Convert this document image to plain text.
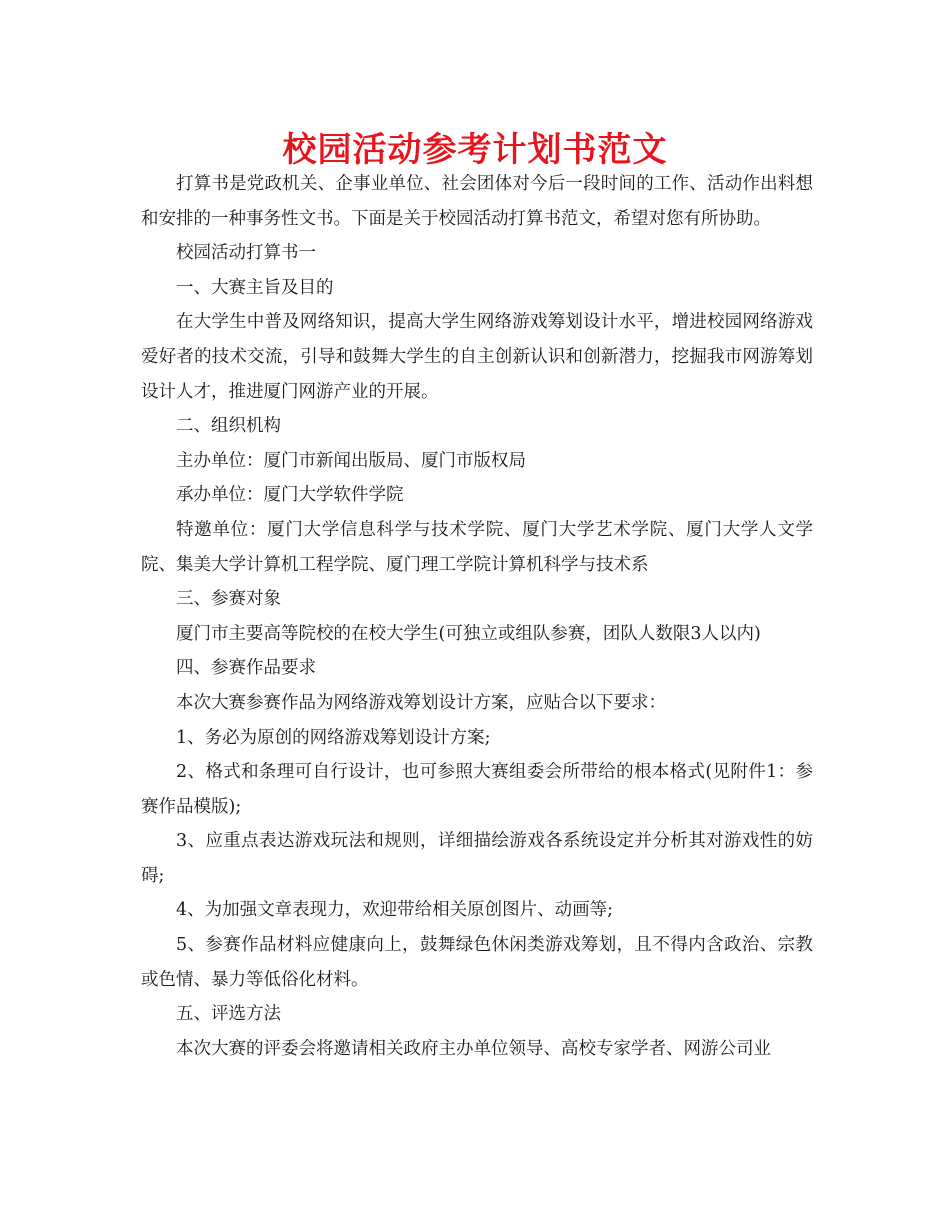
校园活动参考计划书范文

打算书是党政机关、企事业单位、社会团体对今后一段时间的工作、活动作出料想和安排的一种事务性文书。下面是关于校园活动打算书范文，希望对您有所协助。

校园活动打算书一

一、大赛主旨及目的

在大学生中普及网络知识，提高大学生网络游戏筹划设计水平，增进校园网络游戏爱好者的技术交流，引导和鼓舞大学生的自主创新认识和创新潜力，挖掘我市网游筹划设计人才，推进厦门网游产业的开展。

二、组织机构

主办单位：厦门市新闻出版局、厦门市版权局

承办单位：厦门大学软件学院

特邀单位：厦门大学信息科学与技术学院、厦门大学艺术学院、厦门大学人文学院、集美大学计算机工程学院、厦门理工学院计算机科学与技术系

三、参赛对象

厦门市主要高等院校的在校大学生(可独立或组队参赛，团队人数限3人以内)

四、参赛作品要求

本次大赛参赛作品为网络游戏筹划设计方案，应贴合以下要求：

1、务必为原创的网络游戏筹划设计方案;

2、格式和条理可自行设计，也可参照大赛组委会所带给的根本格式(见附件1：参赛作品模版);

3、应重点表达游戏玩法和规则，详细描绘游戏各系统设定并分析其对游戏性的妨碍;

4、为加强文章表现力，欢迎带给相关原创图片、动画等;

5、参赛作品材料应健康向上，鼓舞绿色休闲类游戏筹划，且不得内含政治、宗教或色情、暴力等低俗化材料。

五、评选方法

本次大赛的评委会将邀请相关政府主办单位领导、高校专家学者、网游公司业
